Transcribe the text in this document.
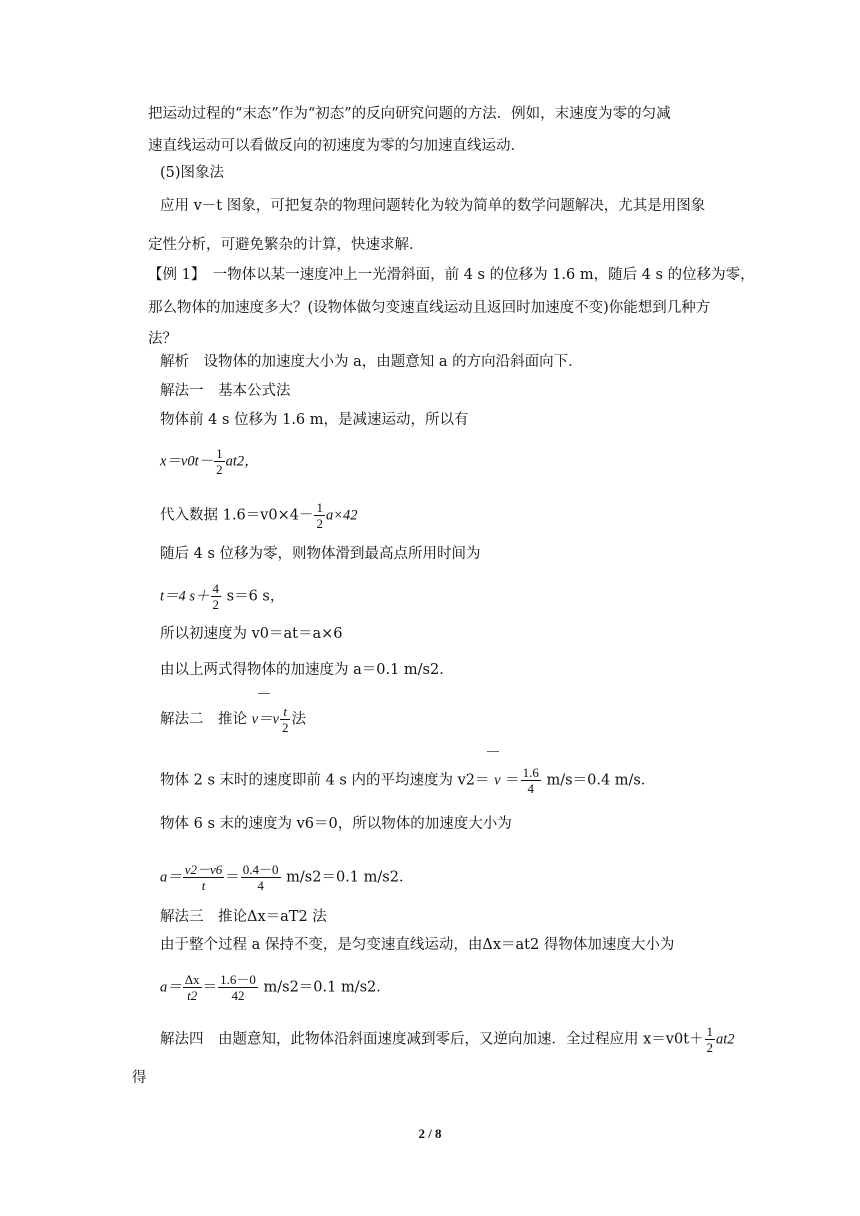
把运动过程的“末态”作为“初态”的反向研究问题的方法．例如，末速度为零的匀减
速直线运动可以看做反向的初速度为零的匀加速直线运动．
(5)图象法
应用 v－t 图象，可把复杂的物理问题转化为较为简单的数学问题解决，尤其是用图象
定性分析，可避免繁杂的计算，快速求解．
【例 1】　一物体以某一速度冲上一光滑斜面，前 4 s 的位移为 1.6 m，随后 4 s 的位移为零，
那么物体的加速度多大？(设物体做匀变速直线运动且返回时加速度不变)你能想到几种方
法？
解析　设物体的加速度大小为 a，由题意知 a 的方向沿斜面向下．
解法一　基本公式法
物体前 4 s 位移为 1.6 m，是减速运动，所以有
$x=v0t- \frac{1}{2} at2$，
代入数据 $1.6=v0\times 4- \frac{1}{2} a\times 42$
随后 4 s 位移为零，则物体滑到最高点所用时间为
t＝4 $s+ \frac{4}{2} s=6$ s，
所以初速度为 v0＝at＝a×6
由以上两式得物体的加速度为 a＝0.1 m/s2．
解法二　推论 $v=v \frac{t}{2}$ 法
物体 2 s 末时的速度即前 4 s 内的平均速度为 $v2= v = \frac{1.6}{4} m/s=0.4$ m/s．
物体 6 s 末的速度为 v6＝0，所以物体的加速度大小为
$a= \frac{v2-v6}{t} = \frac{0.4-0}{4} m/s2=0.1$ m/s2．
解法三　推论Δx＝aT2 法
由于整个过程 a 保持不变，是匀变速直线运动，由Δx＝at2 得物体加速度大小为
$a= \frac{\Delta x}{t2} = \frac{1.6-0}{42} m/s2=0.1$ m/s2．
解法四　由题意知，此物体沿斜面速度减到零后，又逆向加速．全过程应用 $x=v0t+ \frac{1}{2} at2$
得
2 / 8
